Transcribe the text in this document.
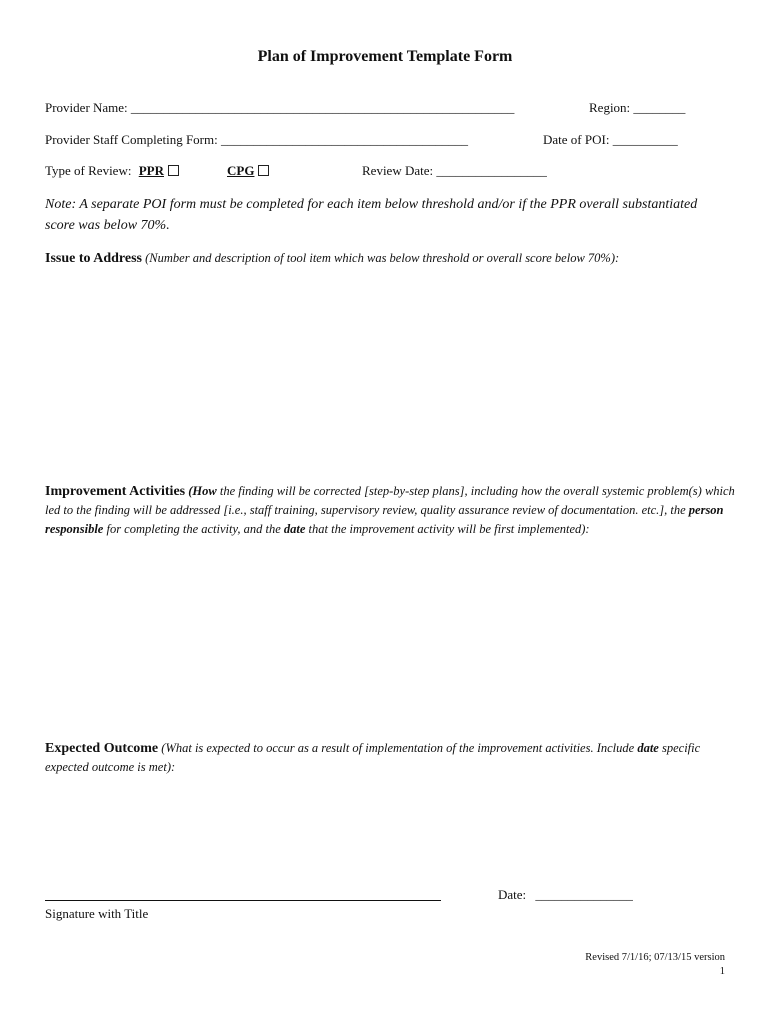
Plan of Improvement Template Form
Provider Name: ___________________________________________________________	Region: ________
Provider Staff Completing Form: ______________________________________	Date of POI: __________
Type of Review: PPR	CPG	Review Date: _________________
Note: A separate POI form must be completed for each item below threshold and/or if the PPR overall substantiated score was below 70%.
Issue to Address (Number and description of tool item which was below threshold or overall score below 70%):
Improvement Activities (How the finding will be corrected [step-by-step plans], including how the overall systemic problem(s) which led to the finding will be addressed [i.e., staff training, supervisory review, quality assurance review of documentation. etc.], the person responsible for completing the activity, and the date that the improvement activity will be first implemented):
Expected Outcome (What is expected to occur as a result of implementation of the improvement activities. Include date specific expected outcome is met):
Signature with Title
Date: _______________
Revised 7/1/16; 07/13/15 version
1
